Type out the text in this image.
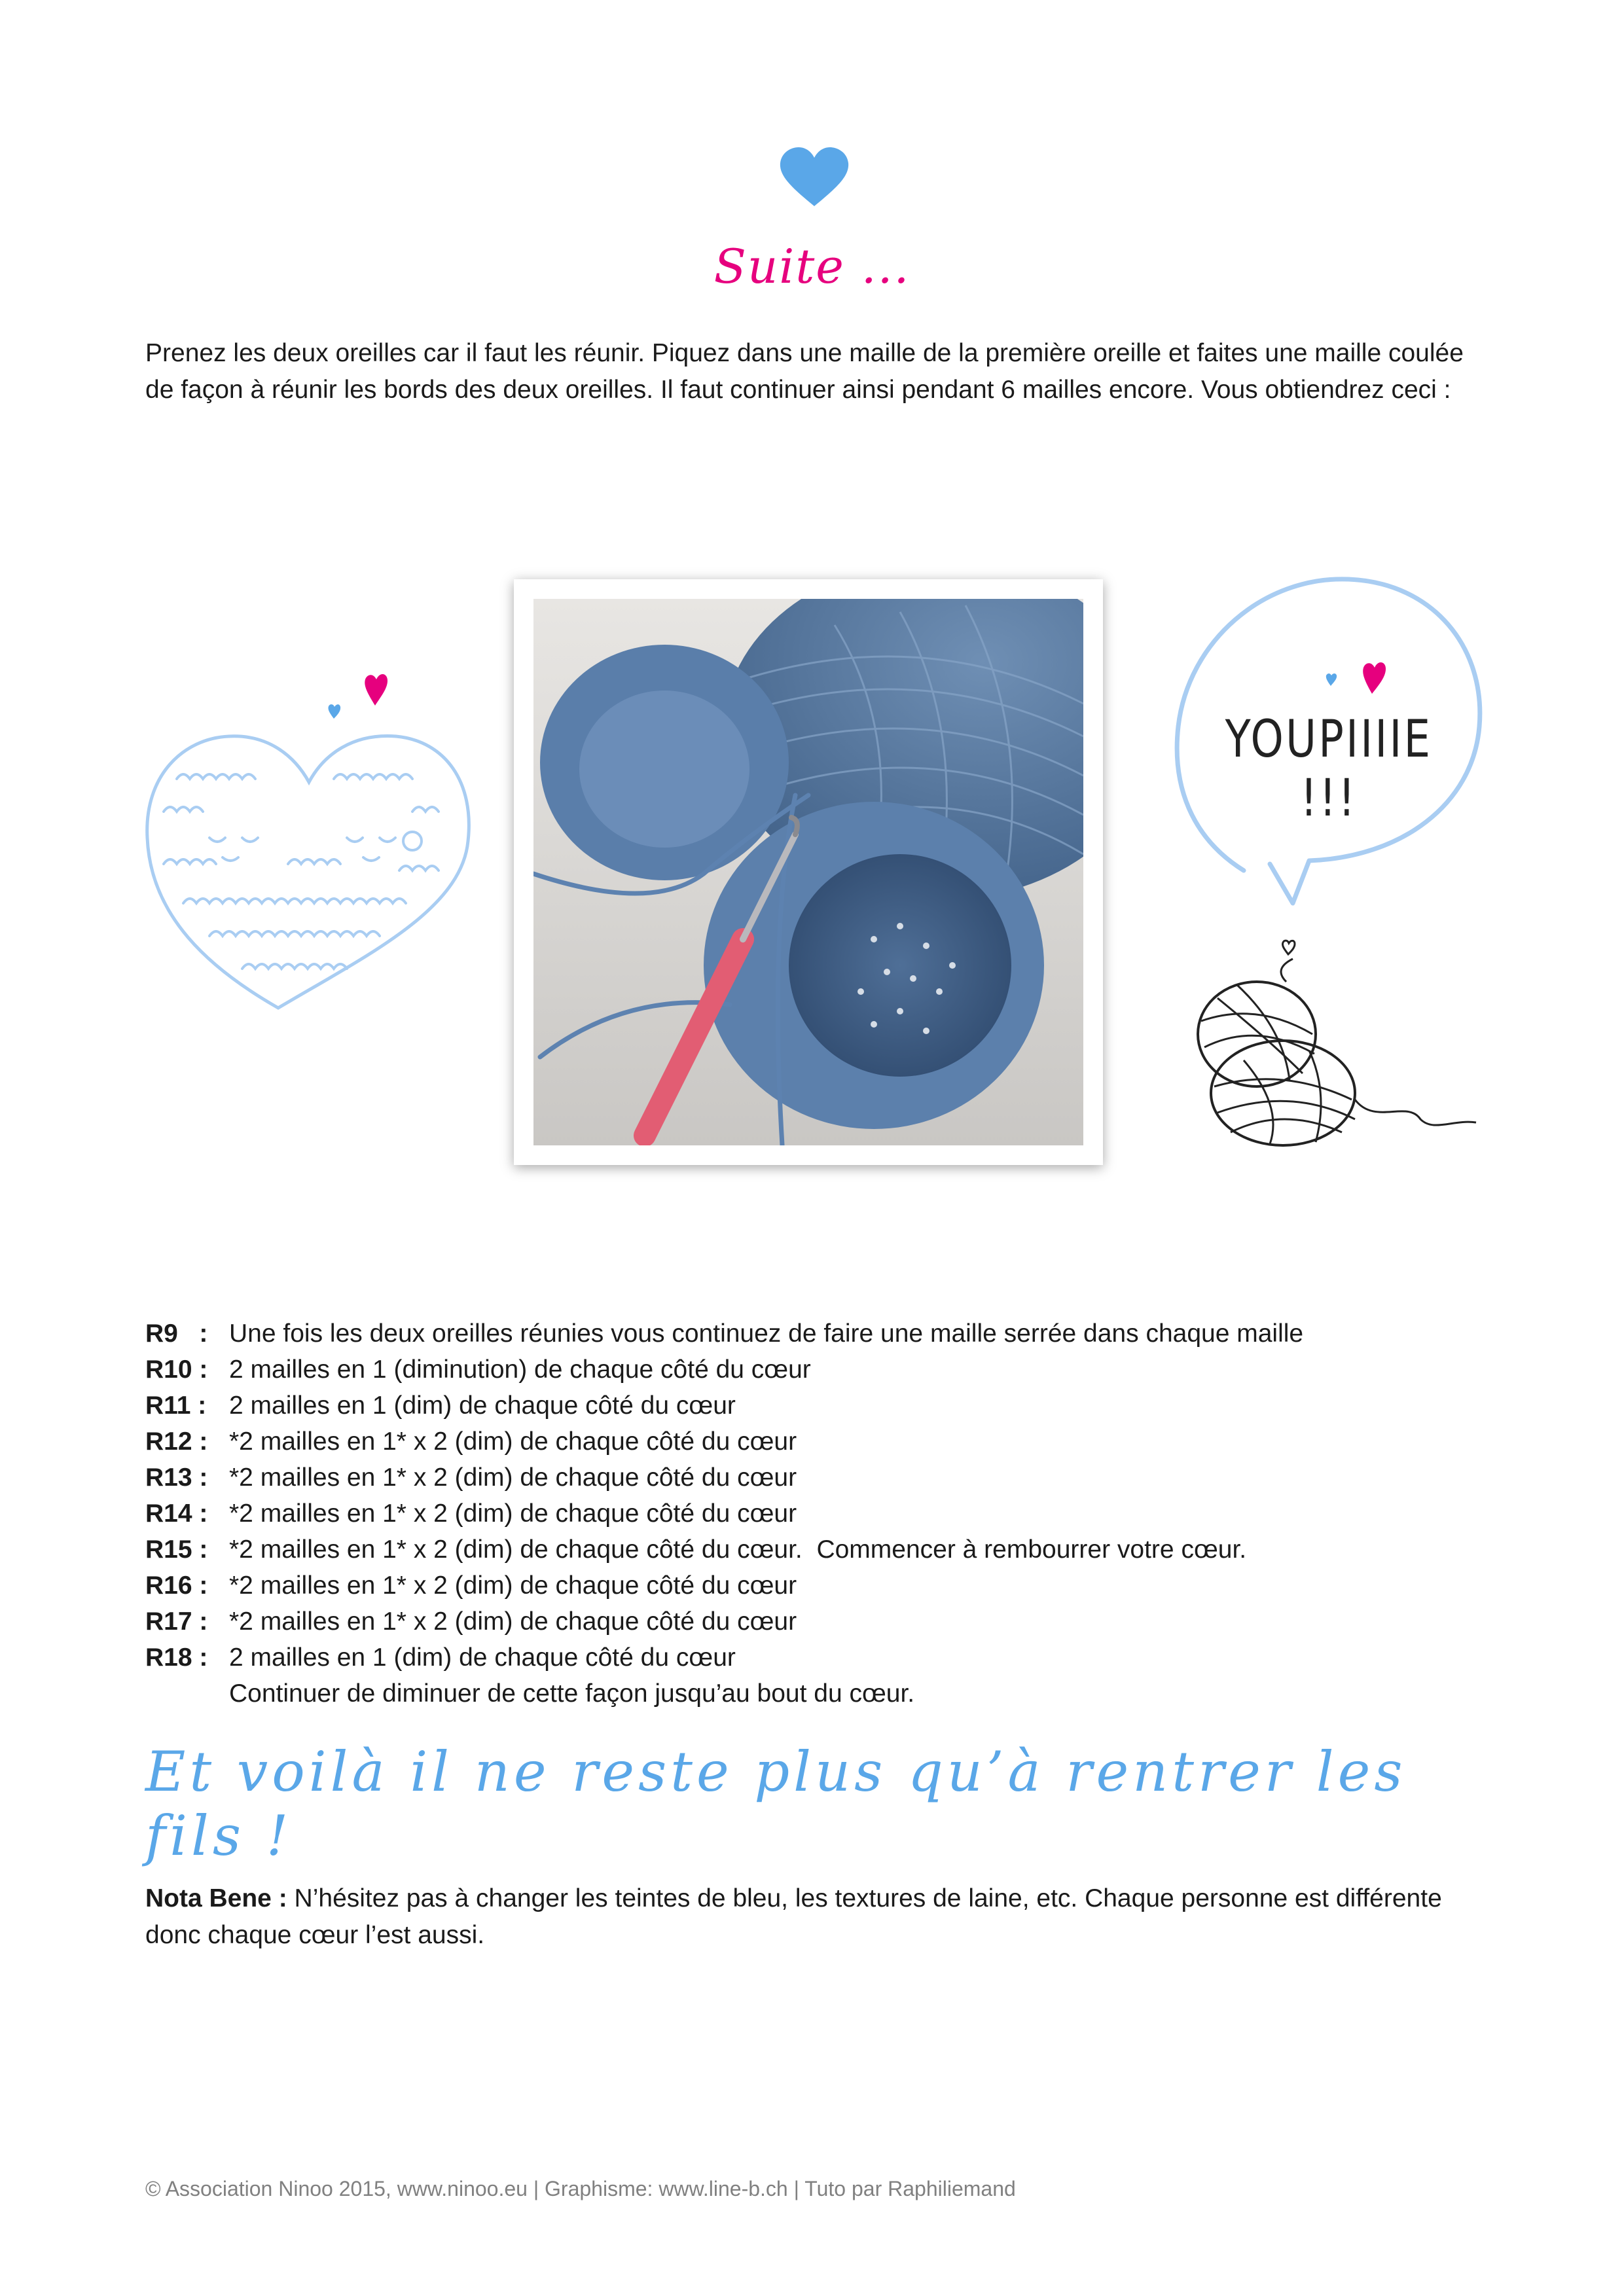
Suite ...
Prenez les deux oreilles car il faut les réunir. Piquez dans une maille de la première oreille et faites une maille coulée de façon à réunir les bords des deux oreilles. Il faut continuer ainsi pendant 6 mailles encore. Vous obtiendrez ceci :
YOUPIIIIE !!!
R9   : Une fois les deux oreilles réunies vous continuez de faire une maille serrée dans chaque maille
R10 : 2 mailles en 1 (diminution) de chaque côté du cœur
R11 : 2 mailles en 1 (dim) de chaque côté du cœur
R12 : *2 mailles en 1* x 2 (dim) de chaque côté du cœur
R13 : *2 mailles en 1* x 2 (dim) de chaque côté du cœur
R14 : *2 mailles en 1* x 2 (dim) de chaque côté du cœur
R15 : *2 mailles en 1* x 2 (dim) de chaque côté du cœur.  Commencer à rembourrer votre cœur.
R16 : *2 mailles en 1* x 2 (dim) de chaque côté du cœur
R17 : *2 mailles en 1* x 2 (dim) de chaque côté du cœur
R18 : 2 mailles en 1 (dim) de chaque côté du cœur
Continuer de diminuer de cette façon jusqu’au bout du cœur.
Et voilà il ne reste plus qu’à rentrer les fils !
Nota Bene : N’hésitez pas à changer les teintes de bleu, les textures de laine, etc. Chaque personne est différente donc chaque cœur l’est aussi.
© Association Ninoo 2015, www.ninoo.eu | Graphisme: www.line-b.ch | Tuto par Raphiliemand
